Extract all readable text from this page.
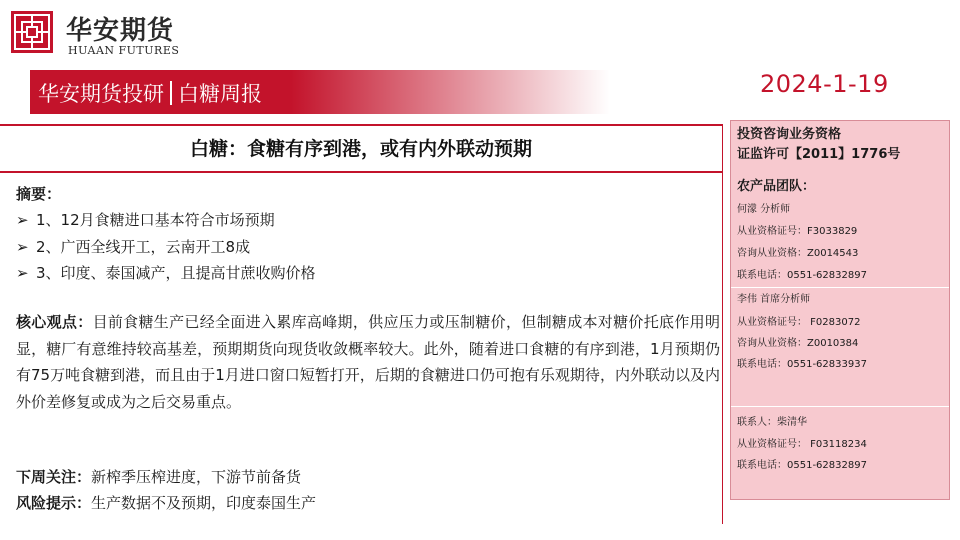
华安期货
HUAAN FUTURES
华安期货投研 白糖周报	2024-1-19
白糖：食糖有序到港，或有内外联动预期
摘要：
➢ 1、12月食糖进口基本符合市场预期
➢ 2、广西全线开工，云南开工8成
➢ 3、印度、泰国减产，且提高甘蔗收购价格
核心观点：目前食糖生产已经全面进入累库高峰期，供应压力或压制糖价，但制糖成本对糖价托底作用明显，糖厂有意维持较高基差，预期期货向现货收敛概率较大。此外，随着进口食糖的有序到港，1月预期仍有75万吨食糖到港，而且由于1月进口窗口短暂打开，后期的食糖进口仍可抱有乐观期待，内外联动以及内外价差修复或成为之后交易重点。
下周关注：新榨季压榨进度，下游节前备货
风险提示：生产数据不及预期，印度泰国生产
投资咨询业务资格
证监许可【2011】1776号
农产品团队：
何濛 分析师
从业资格证号：F3033829
咨询从业资格：Z0014543
联系电话：0551-62832897
李伟 首席分析师
从业资格证号： F0283072
咨询从业资格：Z0010384
联系电话：0551-62833937
联系人：柴清华
从业资格证号： F03118234
联系电话：0551-62832897
